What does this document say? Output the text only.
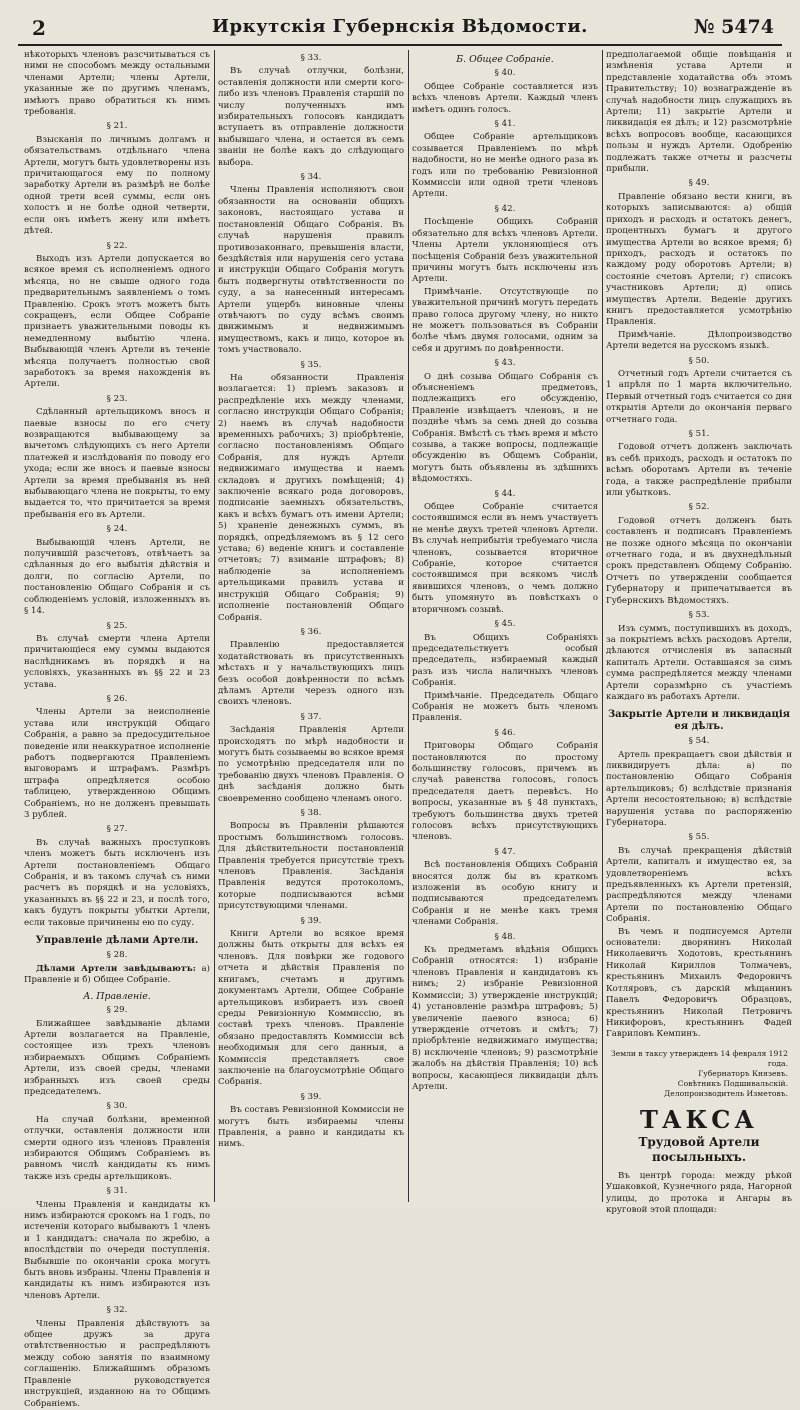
2	Иркутскія Губернскія Вѣдомости.	№ 5474

нѣкоторыхъ членовъ разсчитываться съ ними не способомъ между остальными членами Артели; члены Артели, указанные же по другимъ членамъ, имѣютъ право обратиться къ нимъ требованія.

§ 21.

Взысканія по личнымъ долгамъ и обязательствамъ отдѣльнаго члена Артели, могутъ быть удовлетворены изъ причитающагося ему по полному заработку Артели въ размѣрѣ не болѣе одной трети всей суммы, если онъ холостъ и не болѣе одной четверти, если онъ имѣетъ жену или имѣетъ дѣтей.

§ 22.

Выходъ изъ Артели допускается во всякое время съ исполненіемъ одного мѣсяца, но не свыше одного года предварительнымъ заявленіемъ о томъ Правленію. Срокъ этотъ можетъ быть сокращенъ, если Общее Собраніе признаетъ уважительными поводы къ немедленному выбытію члена. Выбывающій членъ Артели въ теченіе мѣсяца получаетъ полностью свой заработокъ за время нахожденія въ Артели.

§ 23.

Сдѣланный артельщикомъ вносъ и паевые взносы по его счету возвращаются выбывающему за вычетомъ слѣдующихъ съ него Артели платежей и изслѣдованія по поводу его ухода; если же вносъ и паевые взносы Артели за время пребыванія въ ней выбывающаго члена не покрыты, то ему выдается то, что причитается за время пребыванія его въ Артели.

§ 24.

Выбывающій членъ Артели, не получившій разсчетовъ, отвѣчаетъ за сдѣланныя до его выбытія дѣйствія и долги, по согласію Артели, по постановленію Общаго Собранія и съ соблюденіемъ условій, изложенныхъ въ § 14.

§ 25.

Въ случаѣ смерти члена Артели причитающіеся ему суммы выдаются наслѣдникамъ въ порядкѣ и на условіяхъ, указанныхъ въ §§ 22 и 23 устава.

§ 26.

Члены Артели за неисполненіе устава или инструкцій Общаго Собранія, а равно за предосудительное поведеніе или неаккуратное исполненіе работъ подвергаются Правленіемъ выговорамъ и штрафамъ. Размѣръ штрафа опредѣляется особою таблицею, утвержденною Общимъ Собраніемъ, но не долженъ превышать 3 рублей.

§ 27.

Въ случаѣ важныхъ проступковъ членъ можетъ быть исключенъ изъ Артели постановленіемъ Общаго Собранія, и въ такомъ случаѣ съ ними расчетъ въ порядкѣ и на условіяхъ, указанныхъ въ §§ 22 и 23, и послѣ того, какъ будутъ покрыты убытки Артели, если таковые причинены ею по суду.

Управленіе дѣлами Артели.
§ 28.

Дѣлами Артели завѣдываютъ: а) Правленіе и б) Общее Собраніе.

А. Правленіе.
§ 29.

Ближайшее завѣдываніе дѣлами Артели возлагается на Правленіе, состоящее изъ трехъ членовъ избираемыхъ Общимъ Собраніемъ Артели, изъ своей среды, членами избранныхъ изъ своей среды председателемъ.

§ 30.

На случай болѣзни, временной отлучки, оставленія должности или смерти одного изъ членовъ Правленія избираются Общимъ Собраніемъ въ равномъ числѣ кандидаты къ нимъ также изъ среды артельщиковъ.

§ 31.

Члены Правленія и кандидаты къ нимъ избираются срокомъ на 1 годъ, по истеченіи котораго выбываютъ 1 членъ и 1 кандидатъ: сначала по жребію, а впослѣдствіи по очереди поступленія. Выбывшіе по окончаніи срока могутъ быть вновь избраны. Члены Правленія и кандидаты къ нимъ избираются изъ членовъ Артели.

§ 32.

Члены Правленія дѣйствуютъ за общее дружъ за друга отвѣтственностью и распредѣляютъ между собою занятія по взаимному соглашенію. Ближайшимъ образомъ Правленіе руководствуется инструкціей, изданною на то Общимъ Собраніемъ.

§ 33.

Въ случаѣ отлучки, болѣзни, оставленія должности или смерти кого-либо изъ членовъ Правленія старшій по числу полученныхъ имъ избирательныхъ голосовъ кандидатъ вступаетъ въ отправленіе должности выбывшаго члена, и остается въ семъ званіи не болѣе какъ до слѣдующаго выбора.

§ 34.

Члены Правленія исполняютъ свои обязанности на основаніи общихъ законовъ, настоящаго устава и постановленій Общаго Собранія. Въ случаѣ нарушенія правилъ противозаконнаго, превышенія власти, бездѣйствія или нарушенія сего устава и инструкціи Общаго Собранія могутъ быть подвергнуты отвѣтственности по суду, а за нанесенный интересамъ Артели ущербъ виновные члены отвѣчаютъ по суду всѣмъ своимъ движимымъ и недвижимымъ имуществомъ, какъ и лицо, которое въ томъ участвовало.

§ 35.

На обязанности Правленія возлагается: 1) пріемъ заказовъ и распредѣленіе ихъ между членами, согласно инструкціи Общаго Собранія; 2) наемъ въ случаѣ надобности временныхъ рабочихъ; 3) пріобрѣтеніе, согласно постановленіямъ Общаго Собранія, для нуждъ Артели недвижимаго имущества и наемъ складовъ и другихъ помѣщеній; 4) заключеніе всякаго рода договоровъ, подписаніе заемныхъ обязательствъ, какъ и всѣхъ бумагъ отъ имени Артели; 5) храненіе денежныхъ суммъ, въ порядкѣ, опредѣляемомъ въ § 12 сего устава; 6) веденіе книгъ и составленіе отчетовъ; 7) взиманіе штрафовъ; 8) наблюденіе за исполненіемъ артельщиками правилъ устава и инструкцій Общаго Собранія; 9) исполненіе постановленій Общаго Собранія.

§ 36.

Правленію предоставляется ходатайствовать въ присутственныхъ мѣстахъ и у начальствующихъ лицъ безъ особой довѣренности по всѣмъ дѣламъ Артели черезъ одного изъ своихъ членовъ.

§ 37.

Засѣданія Правленія Артели происходятъ по мѣрѣ надобности и могутъ быть созываемы во всякое время по усмотрѣнію председателя или по требованію двухъ членовъ Правленія. О днѣ засѣданія должно быть своевременно сообщено членамъ оного.

§ 38.

Вопросы въ Правленіи рѣшаются простымъ большинствомъ голосовъ. Для дѣйствительности постановленій Правленія требуется присутствіе трехъ членовъ Правленія. Засѣданія Правленія ведутся протоколомъ, которые подписываются всѣми присутствующими членами.

§ 39.

Книги Артели во всякое время должны быть открыты для всѣхъ ея членовъ. Для повѣрки же годового отчета и дѣйствія Правленія по книгамъ, счетамъ и другимъ документамъ Артели, Общее Собраніе артельщиковъ избираетъ изъ своей среды Ревизіонную Коммиссію, въ составѣ трехъ членовъ. Правленіе обязано предоставлять Коммиссіи всѣ необходимыя для сего данныя, а Коммиссія представляетъ свое заключеніе на благоусмотрѣніе Общаго Собранія.

§ 39.

Въ составъ Ревизіонной Коммиссіи не могутъ быть избираемы члены Правленія, а равно и кандидаты къ нимъ.

Б. Общее Собраніе.
§ 40.

Общее Собраніе составляется изъ всѣхъ членовъ Артели. Каждый членъ имѣетъ одинъ голосъ.

§ 41.

Общее Собраніе артельщиковъ созывается Правленіемъ по мѣрѣ надобности, но не менѣе одного раза въ годъ или по требованію Ревизіонной Коммиссіи или одной трети членовъ Артели.

§ 42.

Посѣщеніе Общихъ Собраній обязательно для всѣхъ членовъ Артели. Члены Артели уклоняющіеся отъ посѣщенія Собраній безъ уважительной причины могутъ быть исключены изъ Артели.

Примѣчаніе. Отсутствующіе по уважительной причинѣ могутъ передать право голоса другому члену, но никто не можетъ пользоваться въ Собраніи болѣе чѣмъ двумя голосами, одним за себя и другимъ по довѣренности.

§ 43.

О днѣ созыва Общаго Собранія съ объясненіемъ предметовъ, подлежащихъ его обсужденію, Правленіе извѣщаетъ членовъ, и не позднѣе чѣмъ за семь дней до созыва Собранія. Вмѣстѣ съ тѣмъ время и мѣсто созыва, а также вопросы, подлежащіе обсужденію въ Общемъ Собраніи, могутъ быть объявлены въ здѣшнихъ вѣдомостяхъ.

§ 44.

Общее Собраніе считается состоявшимся если въ немъ участвуетъ не менѣе двухъ третей членовъ Артели. Въ случаѣ неприбытія требуемаго числа членовъ, созывается вторичное Собраніе, которое считается состоявшимся при всякомъ числѣ явившихся членовъ, о чемъ должно быть упомянуто въ повѣсткахъ о вторичномъ созывѣ.

§ 45.

Въ Общихъ Собраніяхъ председательствуетъ особый председатель, избираемый каждый разъ изъ числа наличныхъ членовъ Собранія.

Примѣчаніе. Председатель Общаго Собранія не можетъ быть членомъ Правленія.

§ 46.

Приговоры Общаго Собранія постановляются по простому большинству голосовъ, причемъ въ случаѣ равенства голосовъ, голосъ председателя даетъ перевѣсъ. Но вопросы, указанные въ § 48 пунктахъ, требуютъ большинства двухъ третей голосовъ всѣхъ присутствующихъ членовъ.

§ 47.

Всѣ постановленія Общихъ Собраній вносятся долж бы въ краткомъ изложеніи въ особую книгу и подписываются председателемъ Собранія и не менѣе какъ тремя членами Собранія.

§ 48.

Къ предметамъ вѣдѣнія Общихъ Собраній относятся: 1) избраніе членовъ Правленія и кандидатовъ къ нимъ; 2) избраніе Ревизіонной Коммиссіи; 3) утвержденіе инструкцій; 4) установленіе размѣра штрафовъ; 5) увеличеніе паевого взноса; 6) утвержденіе отчетовъ и смѣтъ; 7) пріобрѣтеніе недвижимаго имущества; 8) исключеніе членовъ; 9) разсмотрѣніе жалобъ на дѣйствія Правленія; 10) всѣ вопросы, касающіеся ликвидаціи дѣлъ Артели.

предполагаемой общіе повѣщанія и измѣненія устава Артели и представленіе ходатайства объ этомъ Правительству; 10) вознагражденіе въ случаѣ надобности лицъ служащихъ въ Артели; 11) закрытіе Артели и ликвидація ея дѣлъ; и 12) разсмотрѣніе всѣхъ вопросовъ вообще, касающихся пользы и нуждъ Артели. Одобренію подлежатъ также отчеты и разсчеты прибыли.

§ 49.

Правленіе обязано вести книги, въ которыхъ записываются: а) общій приходъ и расходъ и остатокъ денегъ, процентныхъ бумагъ и другого имущества Артели во всякое время; б) приходъ, расходъ и остатокъ по каждому роду оборотовъ Артели; в) состояніе счетовъ Артели; г) списокъ участниковъ Артели; д) опись имуществъ Артели. Веденіе другихъ книгъ предоставляется усмотрѣнію Правленія.

Примѣчаніе. Дѣлопроизводство Артели ведется на русскомъ языкѣ.

§ 50.

Отчетный годъ Артели считается съ 1 апрѣля по 1 марта включительно. Первый отчетный годъ считается со дня открытія Артели до окончанія перваго отчетнаго года.

§ 51.

Годовой отчетъ долженъ заключать въ себѣ приходъ, расходъ и остатокъ по всѣмъ оборотамъ Артели въ теченіе года, а также распредѣленіе прибыли или убытковъ.

§ 52.

Годовой отчетъ долженъ быть составленъ и подписанъ Правленіемъ не позже одного мѣсяца по окончаніи отчетнаго года, и въ двухнедѣльный срокъ представленъ Общему Собранію. Отчетъ по утвержденіи сообщается Губернатору и припечатывается въ Губернскихъ Вѣдомостяхъ.

§ 53.

Изъ суммъ, поступившихъ въ доходъ, за покрытіемъ всѣхъ расходовъ Артели, дѣлаются отчисленія въ запасный капиталъ Артели. Оставшаяся за симъ сумма распредѣляется между членами Артели соразмѣрно съ участіемъ каждаго въ работахъ Артели.

Закрытіе Артели и ликвидація ея дѣлъ.
§ 54.

Артель прекращаетъ свои дѣйствія и ликвидируетъ дѣла: а) по постановленію Общаго Собранія артельщиковъ; б) вслѣдствіе признанія Артели несостоятельною; в) вслѣдствіе нарушенія устава по распоряженію Губернатора.

§ 55.

Въ случаѣ прекращенія дѣйствій Артели, капиталъ и имущество ея, за удовлетвореніемъ всѣхъ предъявленныхъ къ Артели претензій, распредѣляются между членами Артели по постановленію Общаго Собранія.

Въ чемъ и подписуемся Артели основатели: дворянинъ Николай Николаевичъ Ходотовъ, крестьянинъ Николай Кириллов Толмачевъ, крестьянинъ Михаилъ Федоровичъ Котляровъ, съ дарскій мѣщанинъ Павелъ Федоровичъ Образцовъ, крестьянинъ Николай Петровичъ Никифоровъ, крестьянинъ Фадей Гавриловъ Кемпинъ.

Земли в таксу утвержденъ 14 февраля 1912 года.
Губернаторъ Князевъ.
Совѣтникъ Подшивальскій.
Делопроизводитель Изметовъ.
ТАКСА
Трудовой Артели посыльныхъ.

Въ центрѣ города: между рѣкой Ушаковкой, Кузнечного ряда, Нагорной улицы, до протока и Ангары въ круговой этой площади:
